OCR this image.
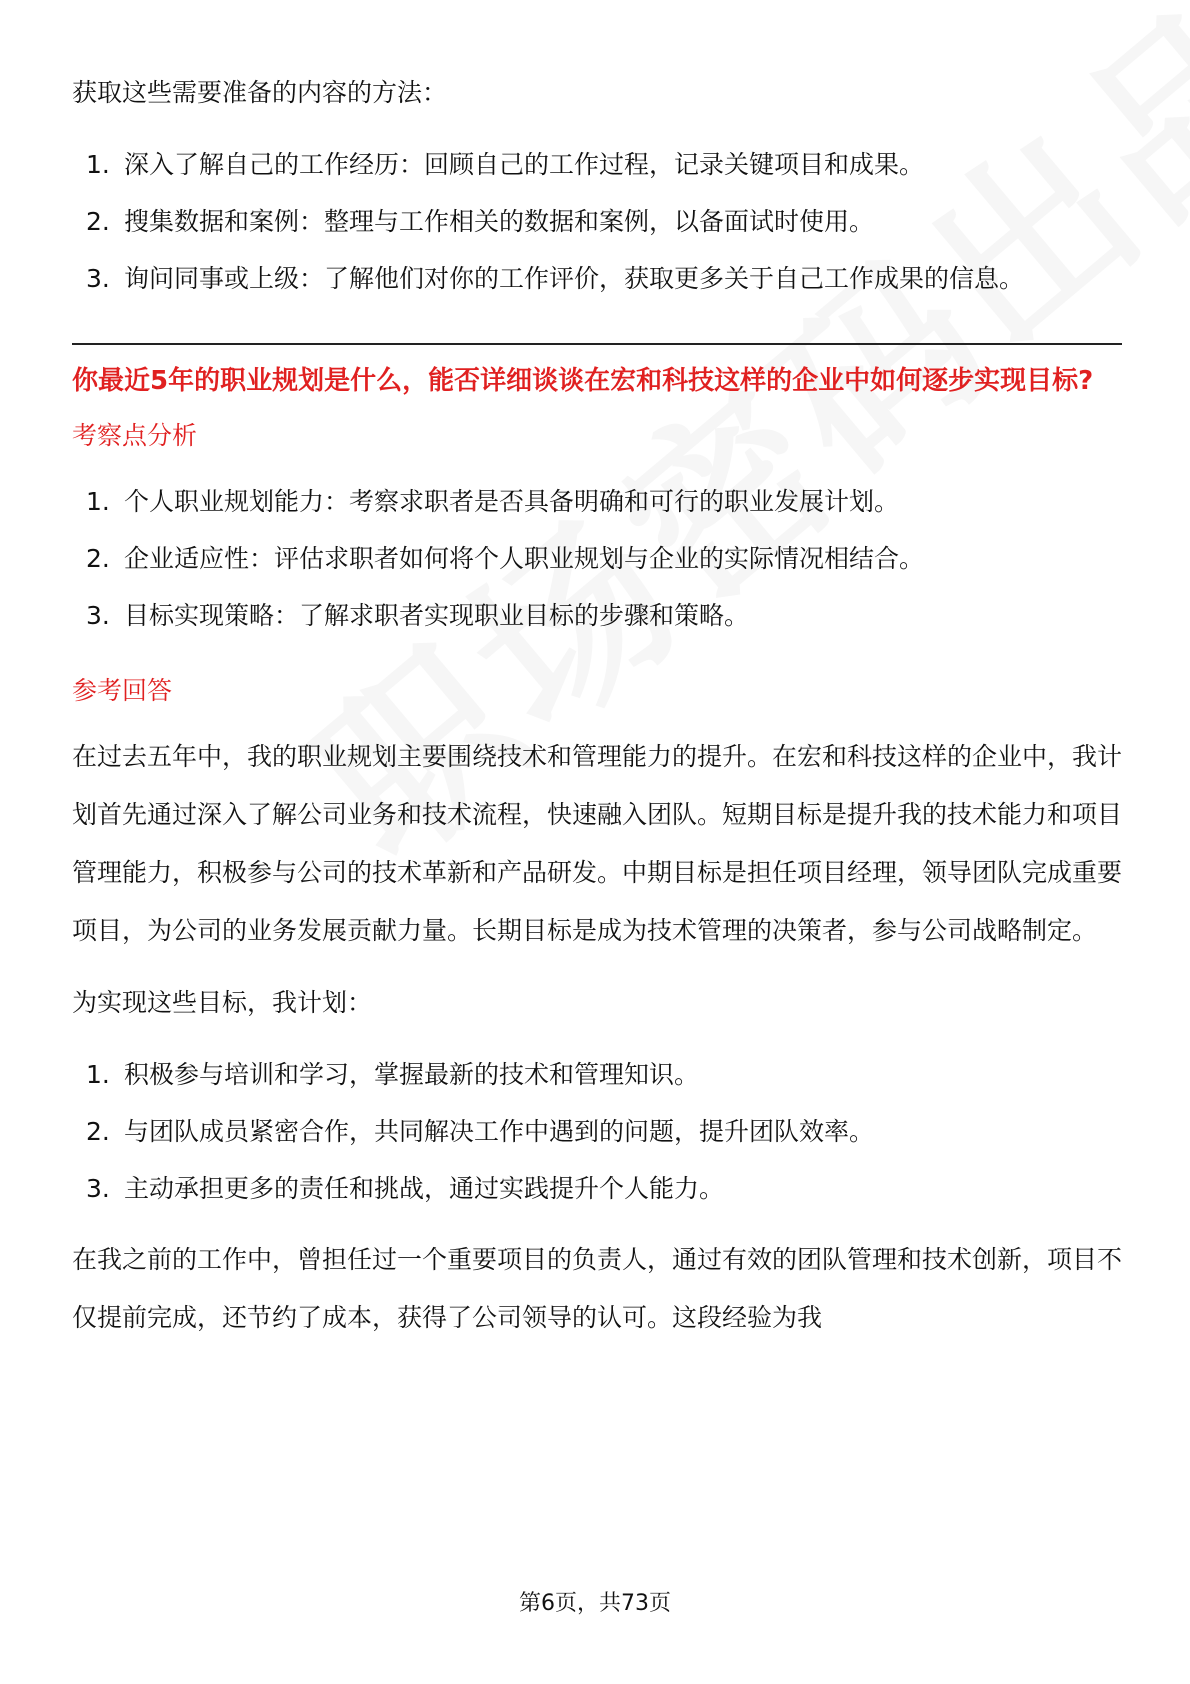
获取这些需要准备的内容的方法：

1. 深入了解自己的工作经历：回顾自己的工作过程，记录关键项目和成果。
2. 搜集数据和案例：整理与工作相关的数据和案例，以备面试时使用。
3. 询问同事或上级：了解他们对你的工作评价，获取更多关于自己工作成果的信息。
你最近5年的职业规划是什么，能否详细谈谈在宏和科技这样的企业中如何逐步实现目标?
考察点分析
1. 个人职业规划能力：考察求职者是否具备明确和可行的职业发展计划。
2. 企业适应性：评估求职者如何将个人职业规划与企业的实际情况相结合。
3. 目标实现策略：了解求职者实现职业目标的步骤和策略。
参考回答

在过去五年中，我的职业规划主要围绕技术和管理能力的提升。在宏和科技这样的企业中，我计划首先通过深入了解公司业务和技术流程，快速融入团队。短期目标是提升我的技术能力和项目管理能力，积极参与公司的技术革新和产品研发。中期目标是担任项目经理，领导团队完成重要项目，为公司的业务发展贡献力量。长期目标是成为技术管理的决策者，参与公司战略制定。

为实现这些目标，我计划：

1. 积极参与培训和学习，掌握最新的技术和管理知识。
2. 与团队成员紧密合作，共同解决工作中遇到的问题，提升团队效率。
3. 主动承担更多的责任和挑战，通过实践提升个人能力。

在我之前的工作中，曾担任过一个重要项目的负责人，通过有效的团队管理和技术创新，项目不仅提前完成，还节约了成本，获得了公司领导的认可。这段经验为我

第6页，共73页
